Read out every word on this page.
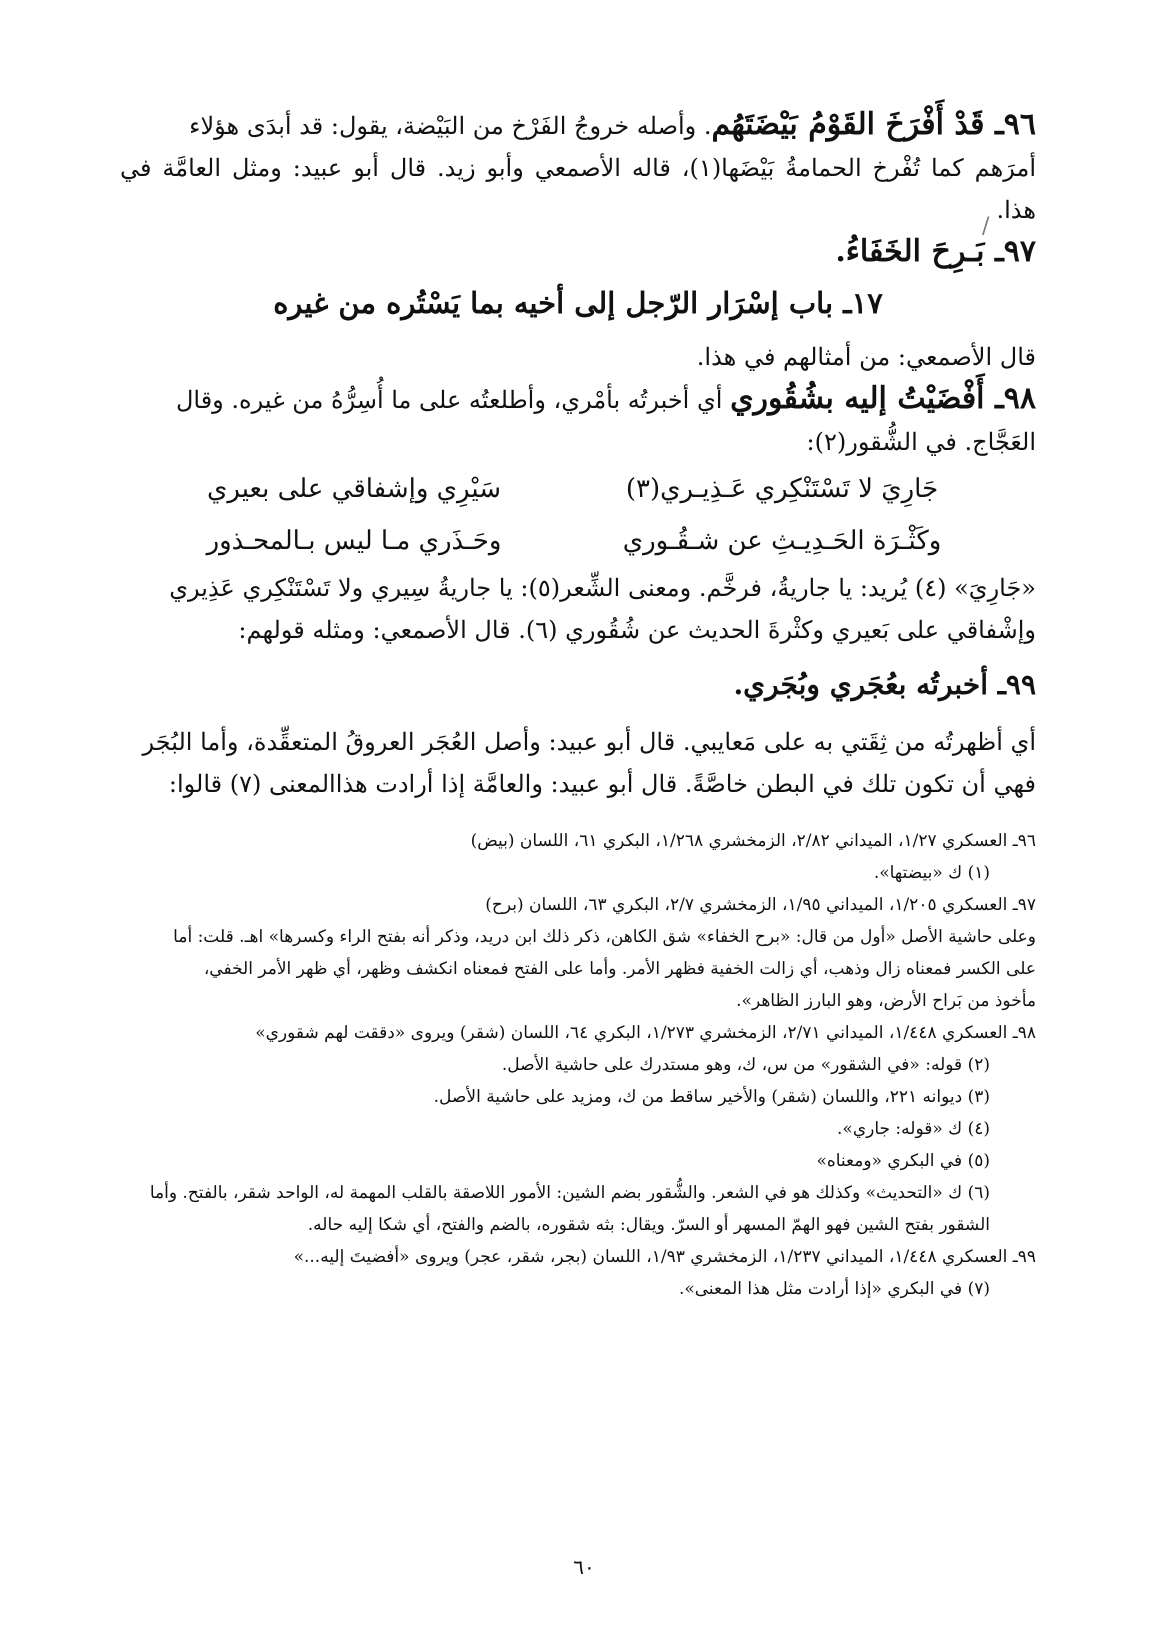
/

٩٦ـ قَدْ أَفْرَخَ القَوْمُ بَيْضَتَهُم. وأصله خروجُ الفَرْخ من البَيْضة، يقول: قد أبدَى هؤلاء

أمرَهم كما تُفْرخ الحمامةُ بَيْضَها(١)، قاله الأصمعي وأبو زيد. قال أبو عبيد: ومثل العامَّة في هذا.

٩٧ـ بَـرِحَ الخَفَاءُ.

١٧ـ باب إسْرَار الرّجل إلى أخيه بما يَسْتُره من غيره

قال الأصمعي: من أمثالهم في هذا.

٩٨ـ أَفْضَيْتُ إليه بشُقُوري أي أخبرتُه بأمْري، وأطلعتُه على ما أُسِرُّهُ من غيره. وقال

العَجَّاج. في الشُّقور(٢):

جَارِيَ لا تَسْتَنْكِري عَـذِيـري(٣)
سَيْرِي وإشفاقي على بعيري
وكَثْـرَة الحَـدِيـثِ عن شـقُـوري
وحَـذَري مـا ليس بـالمحـذور

«جَارِيَ» (٤) يُريد: يا جاريةُ، فرخَّم. ومعنى الشِّعر(٥): يا جاريةُ سِيري ولا تَسْتَنْكِري عَذِيري

وإشْفاقي على بَعيري وكثْرةَ الحديث عن شُقُوري (٦). قال الأصمعي: ومثله قولهم:

٩٩ـ أخبرتُه بعُجَري وبُجَري.

أي أظهرتُه من ثِقَتي به على مَعايبي. قال أبو عبيد: وأصل العُجَر العروقُ المتعقِّدة، وأما البُجَر

فهي أن تكون تلك في البطن خاصَّةً. قال أبو عبيد: والعامَّة إذا أرادت هذاالمعنى (٧) قالوا:

٩٦ـ العسكري ١/٢٧، الميداني ٢/٨٢، الزمخشري ١/٢٦٨، البكري ٦١، اللسان (بيض)

(١) ك «بيضتها».

٩٧ـ العسكري ١/٢٠٥، الميداني ١/٩٥، الزمخشري ٢/٧، البكري ٦٣، اللسان (برح)

وعلى حاشية الأصل «أول من قال: «برح الخفاء» شق الكاهن، ذكر ذلك ابن دريد، وذكر أنه بفتح الراء وكسرها» اهـ. قلت: أما

على الكسر فمعناه زال وذهب، أي زالت الخفية فظهر الأمر. وأما على الفتح فمعناه انكشف وظهر، أي ظهر الأمر الخفي،

مأخوذ من بَراح الأرض، وهو البارز الظاهر».

٩٨ـ العسكري ١/٤٤٨، الميداني ٢/٧١، الزمخشري ١/٢٧٣، البكري ٦٤، اللسان (شقر) ويروى «دققت لهم شقوري»

(٢) قوله: «في الشقور» من س، ك، وهو مستدرك على حاشية الأصل.

(٣) ديوانه ٢٢١، واللسان (شقر) والأخير ساقط من ك، ومزيد على حاشية الأصل.

(٤) ك «قوله: جاري».

(٥) في البكري «ومعناه»

(٦) ك «التحديث» وكذلك هو في الشعر. والشُّقور بضم الشين: الأمور اللاصقة بالقلب المهمة له، الواحد شقر، بالفتح. وأما

الشقور بفتح الشين فهو الهمّ المسهر أو السرّ. ويقال: بثه شقوره، بالضم والفتح، أي شكا إليه حاله.

٩٩ـ العسكري ١/٤٤٨، الميداني ١/٢٣٧، الزمخشري ١/٩٣، اللسان (بجر، شقر، عجر) ويروى «أفضيتَ إليه...»

(٧) في البكري «إذا أرادت مثل هذا المعنى».

٦٠
